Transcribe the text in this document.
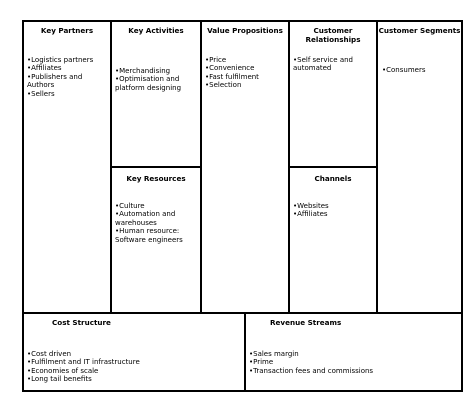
Key Partners
•Logistics partners
•Affiliates
•Publishers and Authors
•Sellers
Key Activities
•Merchandising
•Optimisation and
platform designing
Key Resources
•Culture
•Automation and
warehouses
•Human resource:
Software engineers
Value Propositions
•Price
•Convenience
•Fast fulfilment
•Selection
Customer
Relationships
•Self service and
automated
Channels
•Websites
•Affiliates
Customer Segments
•Consumers
Cost Structure
•Cost driven
•Fulfilment and IT infrastructure
•Economies of scale
•Long tail benefits
Revenue Streams
•Sales margin
•Prime
•Transaction fees and commissions
